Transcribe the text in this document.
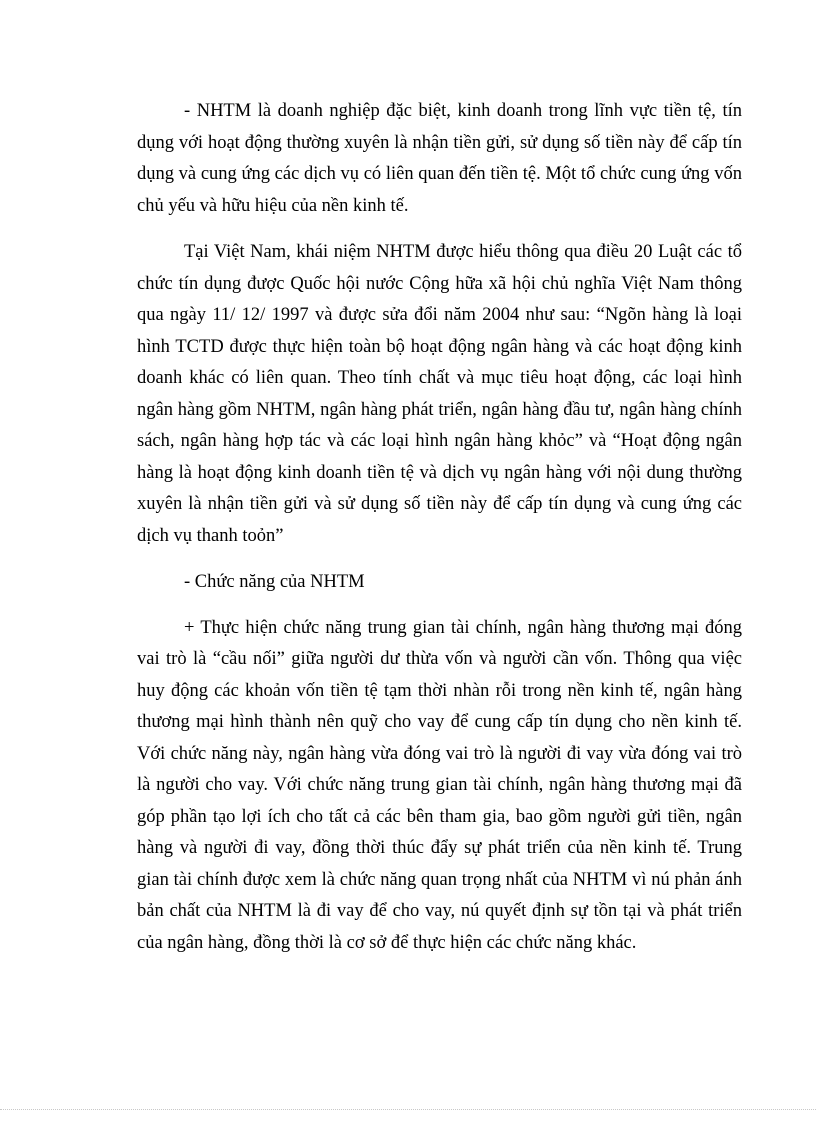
- NHTM là doanh nghiệp đặc biệt, kinh doanh trong lĩnh vực tiền tệ, tín dụng với hoạt động thường xuyên là nhận tiền gửi, sử dụng số tiền này để cấp tín dụng và cung ứng các dịch vụ có liên quan đến tiền tệ. Một tổ chức cung ứng vốn chủ yếu và hữu hiệu của nền kinh tế.

Tại Việt Nam, khái niệm NHTM được hiểu thông qua điều 20 Luật các tổ chức tín dụng được Quốc hội nước Cộng hữa xã hội chủ nghĩa Việt Nam thông qua ngày 11/ 12/ 1997 và được sửa đổi năm 2004 như sau: “Ngõn hàng là loại hình TCTD được thực hiện toàn bộ hoạt động ngân hàng và các hoạt động kinh doanh khác có liên quan. Theo tính chất và mục tiêu hoạt động, các loại hình ngân hàng gồm NHTM, ngân hàng phát triển, ngân hàng đầu tư, ngân hàng chính sách, ngân hàng hợp tác và các loại hình ngân hàng khỏc” và “Hoạt động ngân hàng là hoạt động kinh doanh tiền tệ và dịch vụ ngân hàng với nội dung thường xuyên là nhận tiền gửi và sử dụng số tiền này để cấp tín dụng và cung ứng các dịch vụ thanh toỏn”

- Chức năng của NHTM

+ Thực hiện chức năng trung gian tài chính, ngân hàng thương mại đóng vai trò là “cầu nối” giữa người dư thừa vốn và người cần vốn. Thông qua việc huy động các khoản vốn tiền tệ tạm thời nhàn rỗi trong nền kinh tế, ngân hàng thương mại hình thành nên quỹ cho vay để cung cấp tín dụng cho nền kinh tế. Với chức năng này, ngân hàng vừa đóng vai trò là người đi vay vừa đóng vai trò là người cho vay. Với chức năng trung gian tài chính, ngân hàng thương mại đã góp phần tạo lợi ích cho tất cả các bên tham gia, bao gồm người gửi tiền, ngân hàng và người đi vay, đồng thời thúc đẩy sự phát triển của nền kinh tế. Trung gian tài chính được xem là chức năng quan trọng nhất của NHTM vì nú phản ánh bản chất của NHTM là đi vay để cho vay, nú quyết định sự tồn tại và phát triển của ngân hàng, đồng thời là cơ sở để thực hiện các chức năng khác.
